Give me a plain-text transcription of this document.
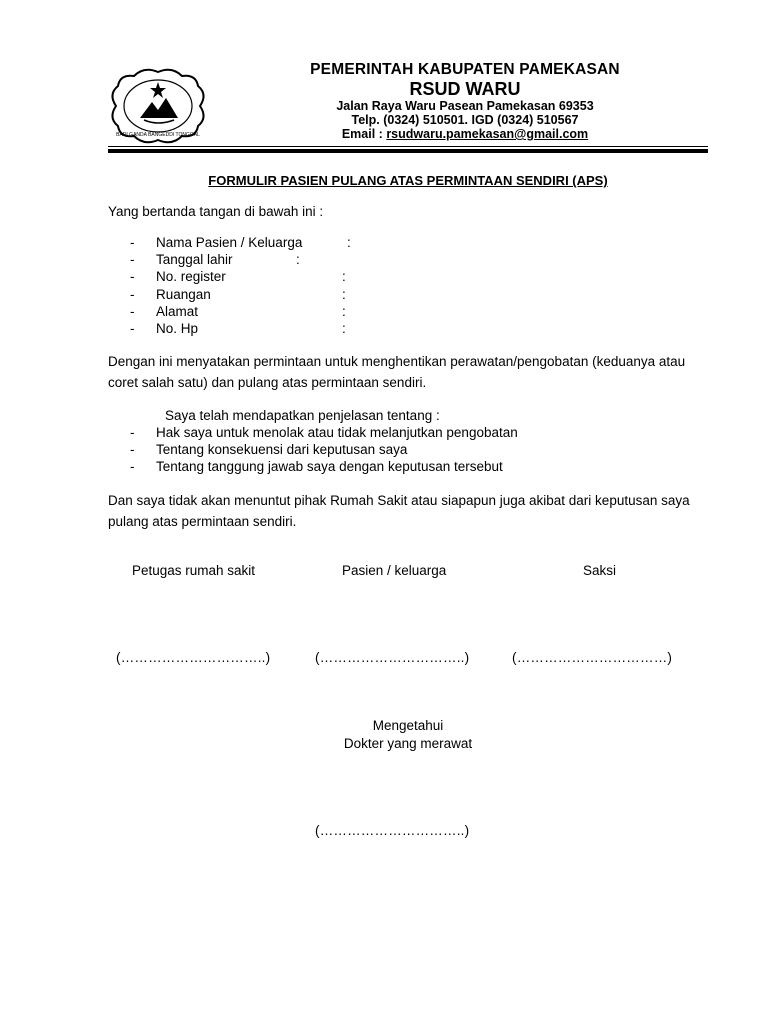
BADI GANDA BANGEDDI TONGGAL
PEMERINTAH KABUPATEN PAMEKASAN
RSUD WARU
Jalan Raya Waru Pasean Pamekasan 69353
Telp. (0324) 510501. IGD (0324) 510567
Email : rsudwaru.pamekasan@gmail.com
FORMULIR PASIEN PULANG ATAS PERMINTAAN SENDIRI (APS)
Yang bertanda tangan di bawah ini :
- Nama Pasien / Keluarga	:
- Tanggal lahir	:
- No. register	:
- Ruangan	:
- Alamat	:
- No. Hp	:
Dengan ini menyatakan permintaan untuk menghentikan perawatan/pengobatan (keduanya atau coret salah satu) dan pulang atas permintaan sendiri.
Saya telah mendapatkan penjelasan tentang :
- Hak saya untuk menolak atau tidak melanjutkan pengobatan
- Tentang konsekuensi dari keputusan saya
- Tentang tanggung jawab saya dengan keputusan tersebut
Dan saya tidak akan menuntut pihak Rumah Sakit atau siapapun juga akibat dari keputusan saya pulang atas permintaan sendiri.
Petugas rumah sakit	Pasien / keluarga	Saksi
(…………………………..)	(…………………………..)	(……………………………)
Mengetahui
Dokter yang merawat
(…………………………..)
